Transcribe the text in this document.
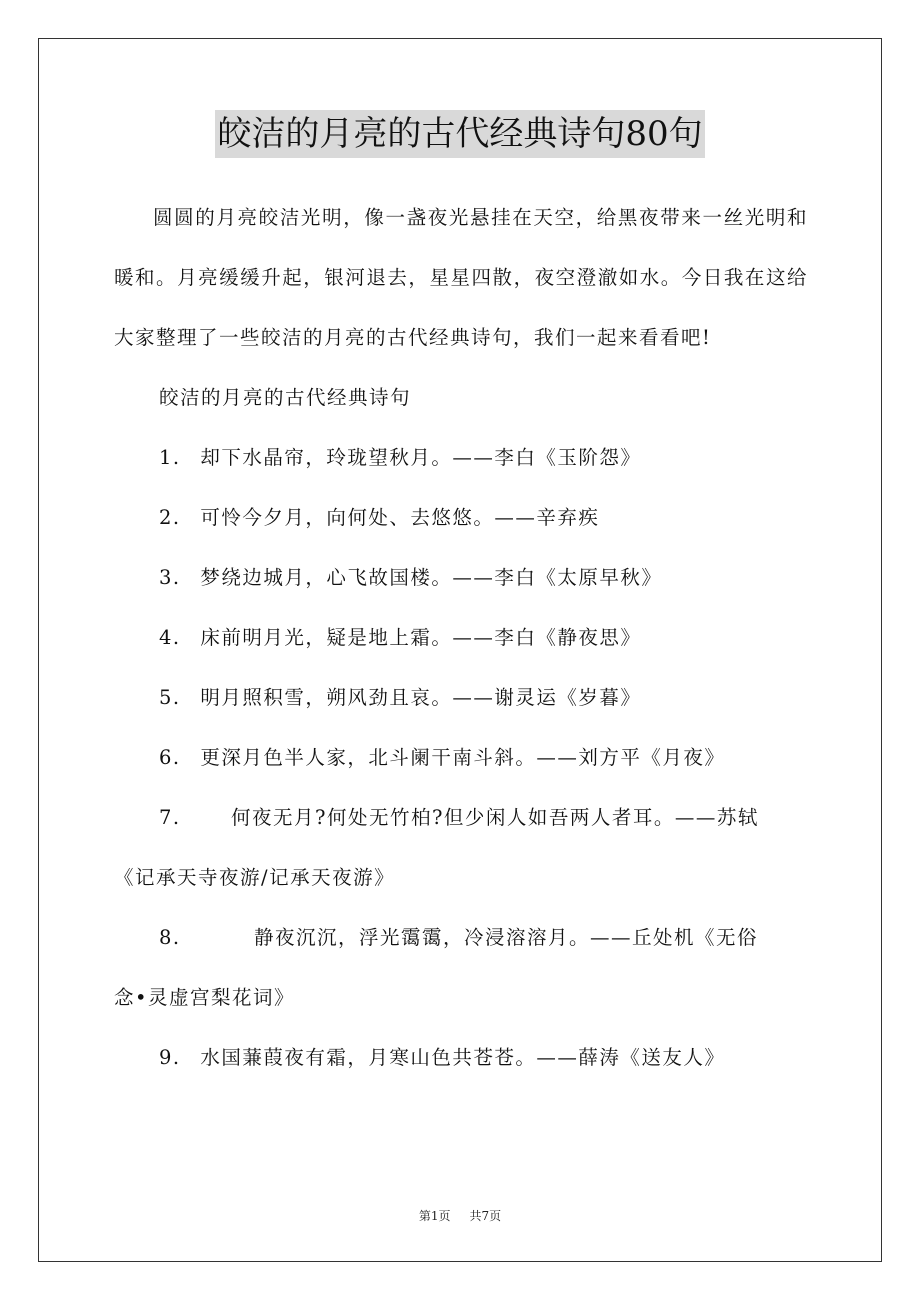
皎洁的月亮的古代经典诗句80句

圆圆的月亮皎洁光明，像一盏夜光悬挂在天空，给黑夜带来一丝光明和暖和。月亮缓缓升起，银河退去，星星四散，夜空澄澈如水。今日我在这给大家整理了一些皎洁的月亮的古代经典诗句，我们一起来看看吧!

皎洁的月亮的古代经典诗句

1. 却下水晶帘，玲珑望秋月。——李白《玉阶怨》

2. 可怜今夕月，向何处、去悠悠。——辛弃疾

3. 梦绕边城月，心飞故国楼。——李白《太原早秋》

4. 床前明月光，疑是地上霜。——李白《静夜思》

5. 明月照积雪，朔风劲且哀。——谢灵运《岁暮》

6. 更深月色半人家，北斗阑干南斗斜。——刘方平《月夜》

7.	何夜无月?何处无竹柏?但少闲人如吾两人者耳。——苏轼
《记承天寺夜游/记承天夜游》
8.	静夜沉沉，浮光霭霭，冷浸溶溶月。——丘处机《无俗
念•灵虚宫梨花词》

9. 水国蒹葭夜有霜，月寒山色共苍苍。——薛涛《送友人》

第1页 共7页
